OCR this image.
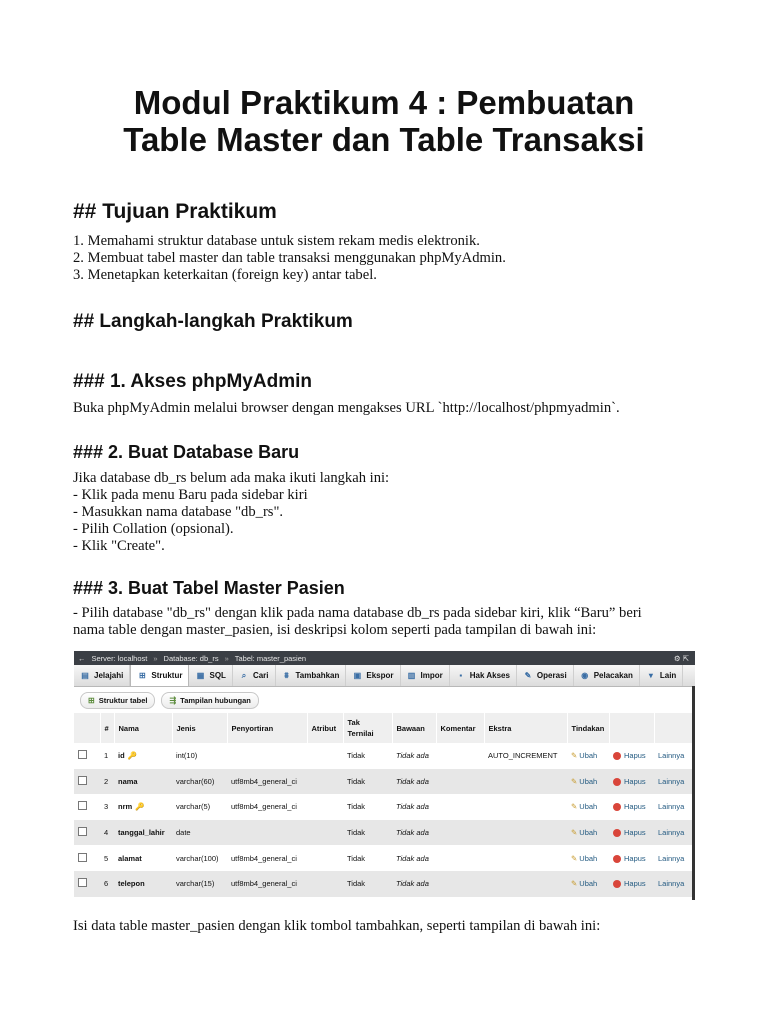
Modul Praktikum 4 : Pembuatan
Table Master dan Table Transaksi
## Tujuan Praktikum
1. Memahami struktur database untuk sistem rekam medis elektronik.
2. Membuat tabel master dan table transaksi menggunakan phpMyAdmin.
3. Menetapkan keterkaitan (foreign key) antar tabel.
## Langkah-langkah Praktikum
### 1. Akses phpMyAdmin
Buka phpMyAdmin melalui browser dengan mengakses URL `http://localhost/phpmyadmin`.
### 2. Buat Database Baru
Jika database db_rs belum ada maka ikuti langkah ini:
- Klik pada menu Baru pada sidebar kiri
- Masukkan nama database "db_rs".
- Pilih Collation (opsional).
- Klik "Create".
### 3. Buat Tabel Master Pasien
- Pilih database "db_rs" dengan klik pada nama database db_rs pada sidebar kiri, klik “Baru” beri
nama table dengan master_pasien, isi deskripsi kolom seperti pada tampilan di bawah ini:
← Server: localhost » Database: db_rs » Tabel: master_pasien	⚙ ⇱
▤ Jelajahi ⊞ Struktur ▦ SQL	⌕ Cari	⩩ Tambahkan ▣ Ekspor ▥ Impor	▪ Hak Akses ✎ Operasi ◉ Pelacakan	▾ Lain
⊞ Struktur tabel	⇶ Tampilan hubungan
	#	Nama	Jenis	Penyortiran	Atribut	Tak Ternilai	Bawaan	Komentar	Ekstra	Tindakan		
	1	id 🔑	int(10)			Tidak	Tidak ada		AUTO_INCREMENT	✎ Ubah	Hapus	Lainnya
	2	nama	varchar(60)	utf8mb4_general_ci		Tidak	Tidak ada			✎ Ubah	Hapus	Lainnya
	3	nrm 🔑	varchar(5)	utf8mb4_general_ci		Tidak	Tidak ada			✎ Ubah	Hapus	Lainnya
	4	tanggal_lahir	date			Tidak	Tidak ada			✎ Ubah	Hapus	Lainnya
	5	alamat	varchar(100)	utf8mb4_general_ci		Tidak	Tidak ada			✎ Ubah	Hapus	Lainnya
	6	telepon	varchar(15)	utf8mb4_general_ci		Tidak	Tidak ada			✎ Ubah	Hapus	Lainnya
Isi data table master_pasien dengan klik tombol tambahkan, seperti tampilan di bawah ini:
